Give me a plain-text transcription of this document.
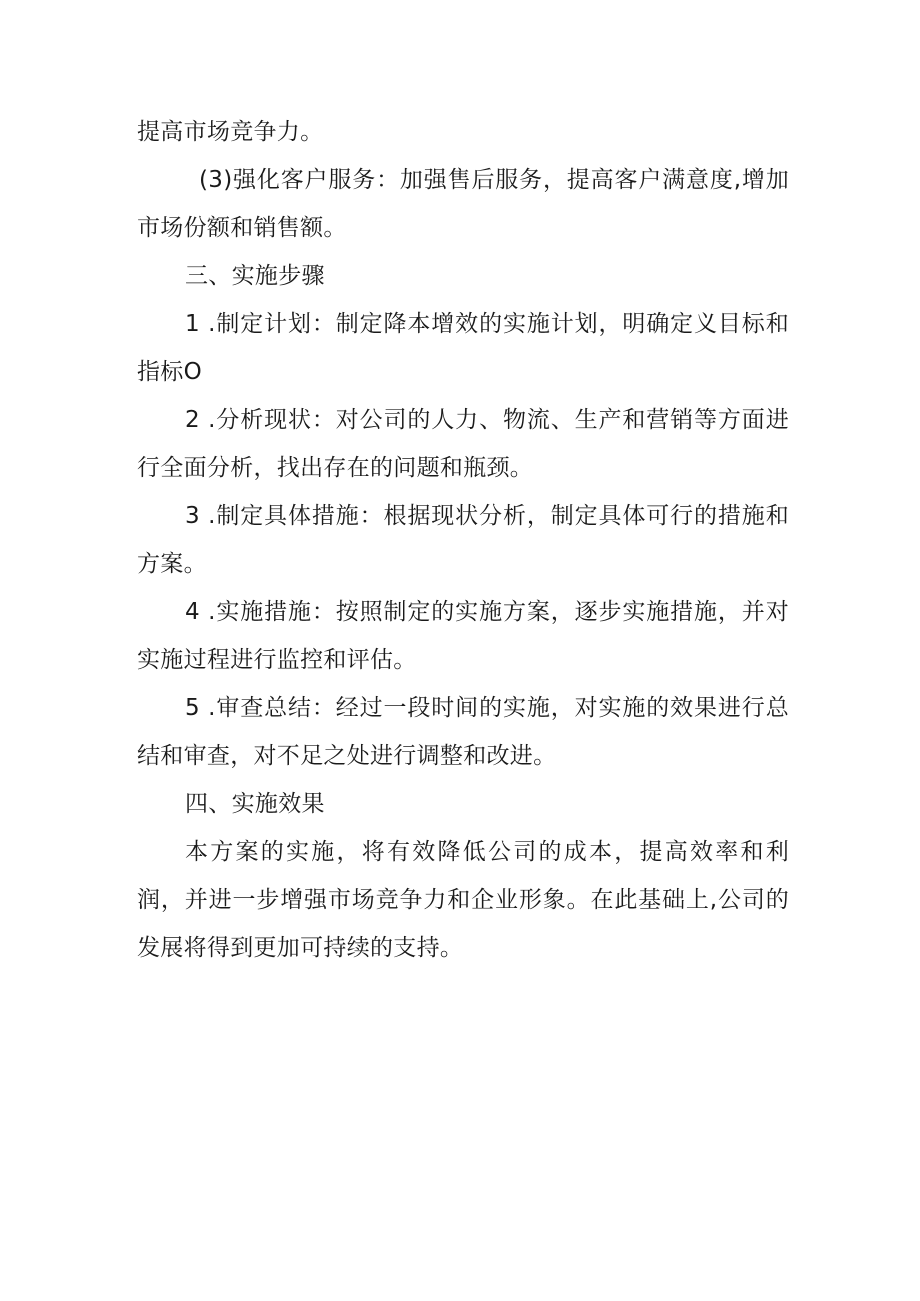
提高市场竞争力。

(3)强化客户服务：加强售后服务，提高客户满意度,增加市场份额和销售额。

三、实施步骤

1 .制定计划：制定降本增效的实施计划，明确定义目标和指标O

2 .分析现状：对公司的人力、物流、生产和营销等方面进行全面分析，找出存在的问题和瓶颈。

3 .制定具体措施：根据现状分析，制定具体可行的措施和方案。

4 .实施措施：按照制定的实施方案，逐步实施措施，并对实施过程进行监控和评估。

5 .审查总结：经过一段时间的实施，对实施的效果进行总结和审查，对不足之处进行调整和改进。

四、实施效果

本方案的实施，将有效降低公司的成本，提高效率和利润，并进一步增强市场竞争力和企业形象。在此基础上,公司的发展将得到更加可持续的支持。
